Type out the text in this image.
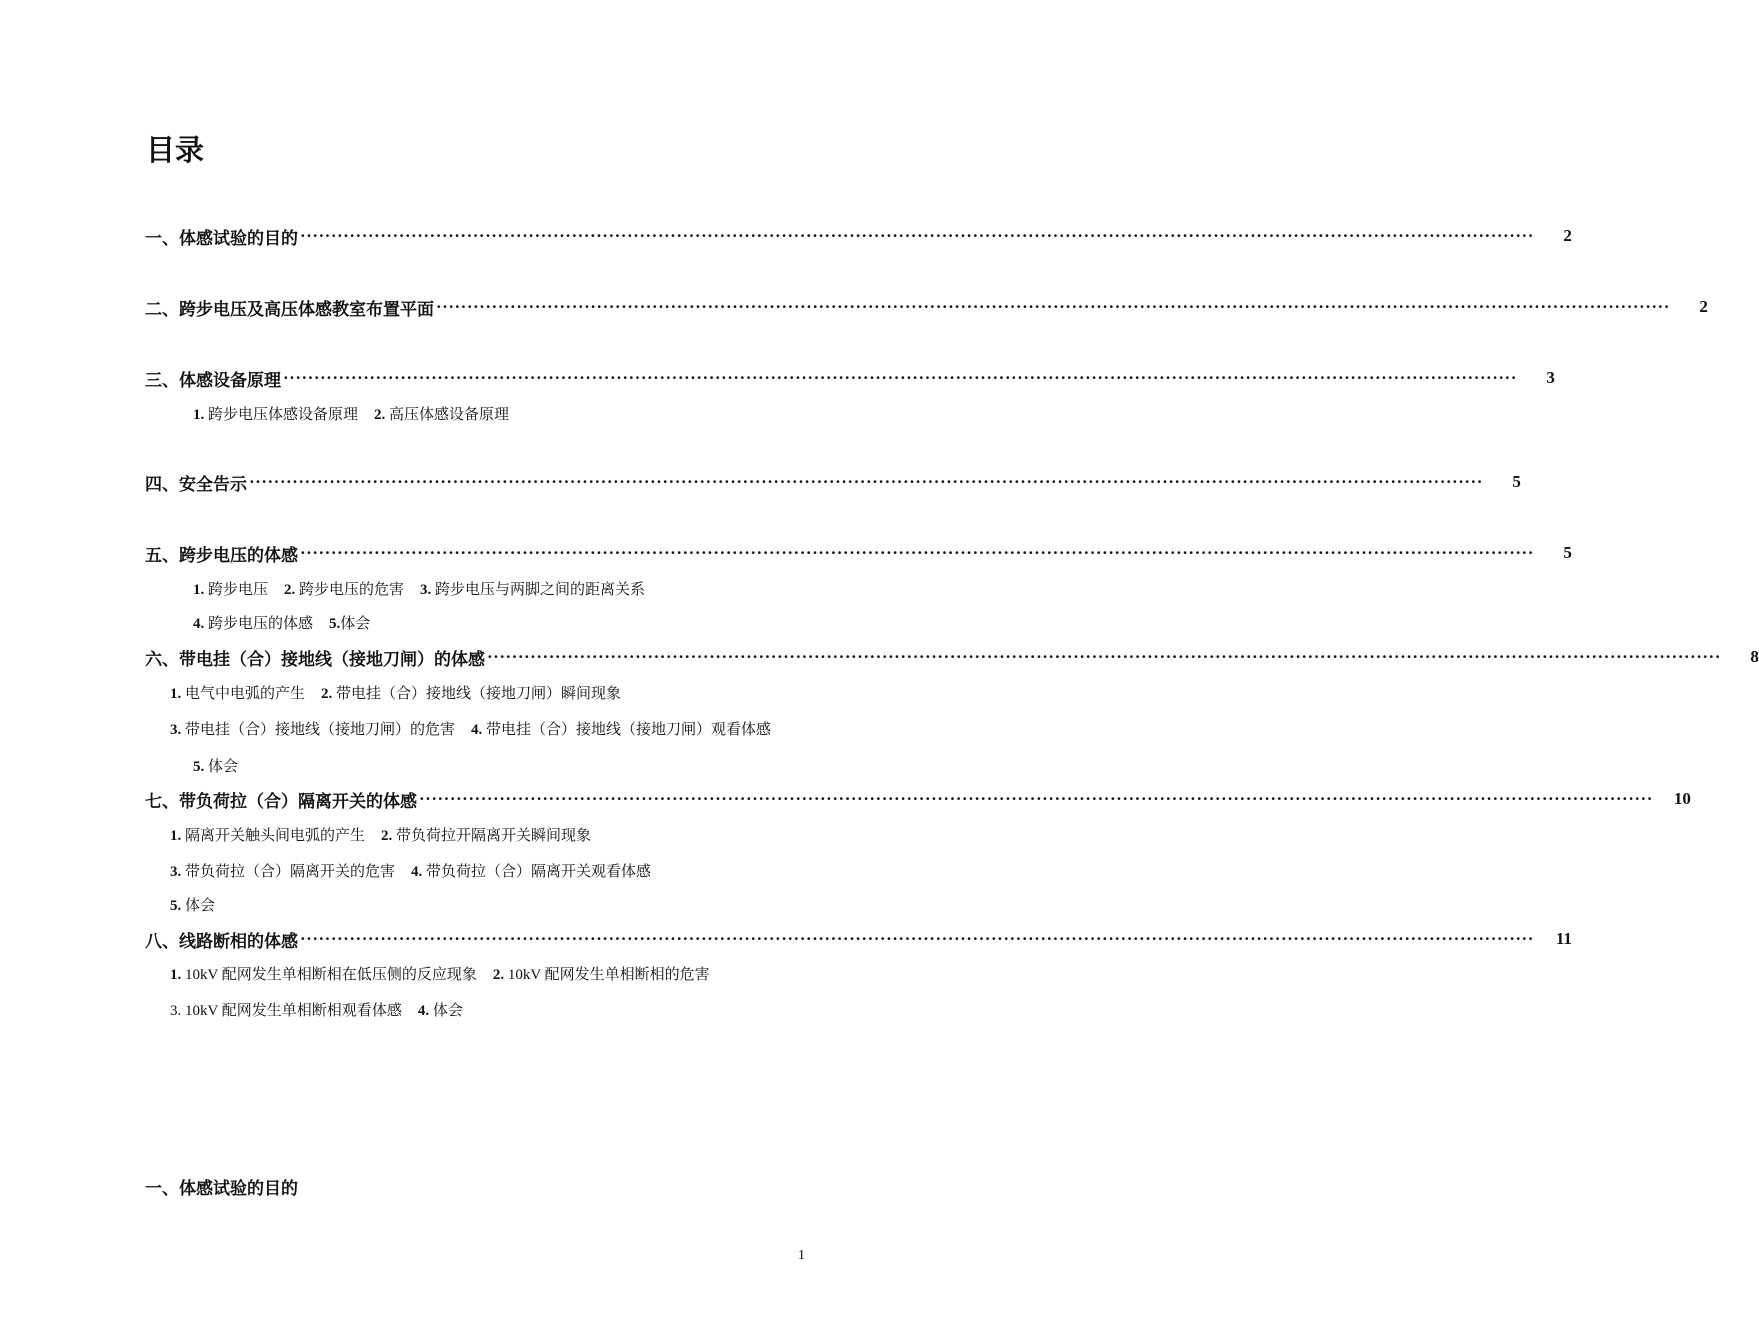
目录
一、体感试验的目的 ········································································································································································································	2
二、跨步电压及高压体感教室布置平面 ········································································································································································································	2
三、体感设备原理 ········································································································································································································	3
四、安全告示 ········································································································································································································	5
五、跨步电压的体感 ········································································································································································································	5
六、带电挂（合）接地线（接地刀闸）的体感 ········································································································································································································	8
七、带负荷拉（合）隔离开关的体感 ········································································································································································································	10
八、线路断相的体感 ········································································································································································································	11
1. 跨步电压体感设备原理 2. 高压体感设备原理
1. 跨步电压 2. 跨步电压的危害 3. 跨步电压与两脚之间的距离关系
4. 跨步电压的体感 5.体会
1. 电气中电弧的产生 2. 带电挂（合）接地线（接地刀闸）瞬间现象
3. 带电挂（合）接地线（接地刀闸）的危害 4. 带电挂（合）接地线（接地刀闸）观看体感
5. 体会
1. 隔离开关触头间电弧的产生 2. 带负荷拉开隔离开关瞬间现象
3. 带负荷拉（合）隔离开关的危害 4. 带负荷拉（合）隔离开关观看体感
5. 体会
1. 10kV 配网发生单相断相在低压侧的反应现象 2. 10kV 配网发生单相断相的危害
3. 10kV 配网发生单相断相观看体感 4. 体会
一、体感试验的目的
1
